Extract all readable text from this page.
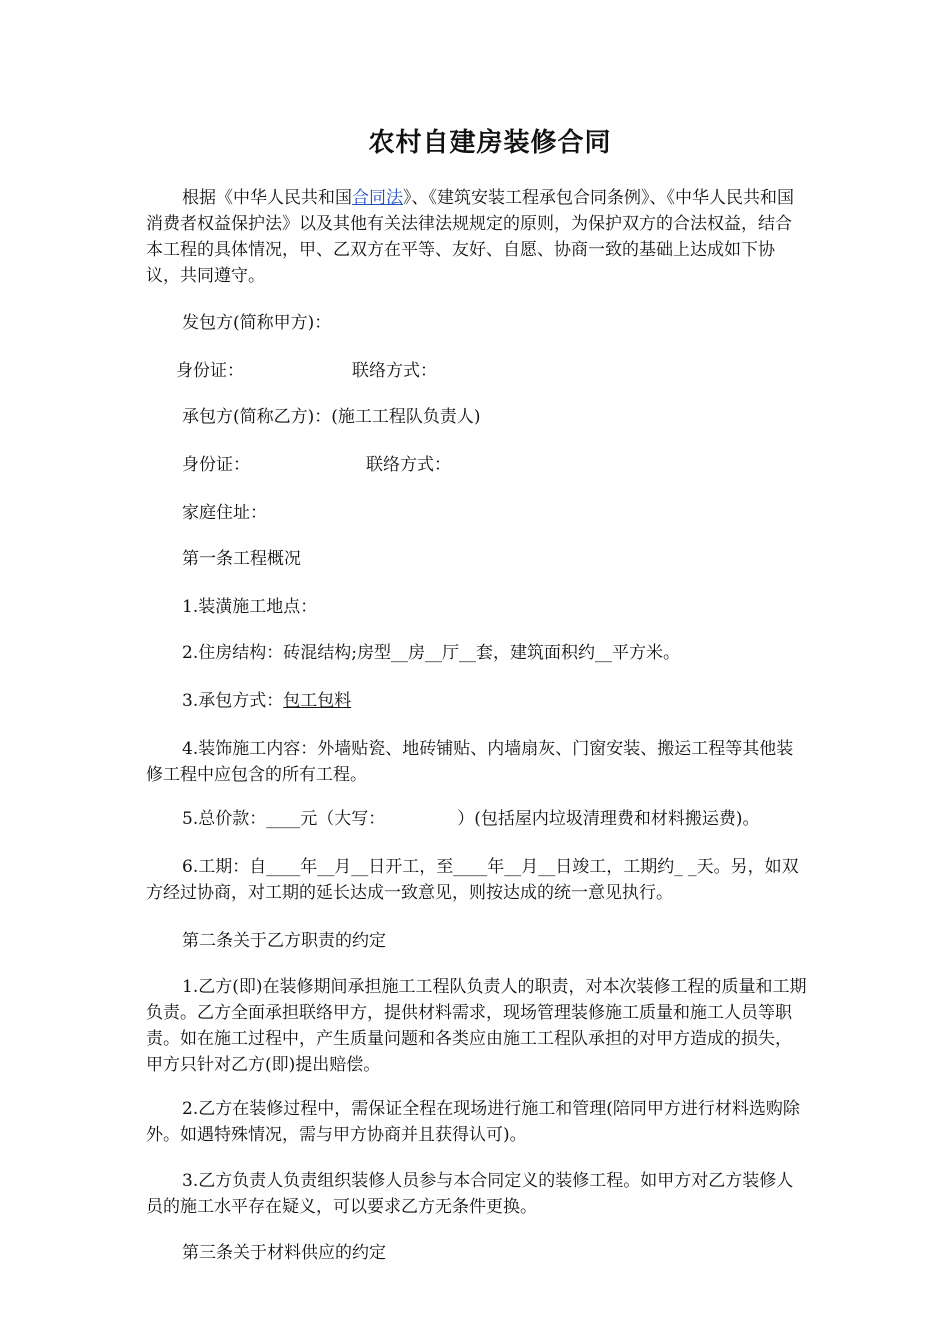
农村自建房装修合同

根据《中华人民共和国合同法》、《建筑安装工程承包合同条例》、《中华人民共和国消费者权益保护法》以及其他有关法律法规规定的原则，为保护双方的合法权益，结合本工程的具体情况，甲、乙双方在平等、友好、自愿、协商一致的基础上达成如下协议，共同遵守。

发包方(简称甲方)：

身份证：	联络方式：

承包方(简称乙方)：(施工工程队负责人)

身份证：	联络方式：

家庭住址：

第一条工程概况

1.装潢施工地点：

2.住房结构：砖混结构;房型__房__厅__套，建筑面积约__平方米。

3.承包方式：包工包料

4.装饰施工内容：外墙贴瓷、地砖铺贴、内墙扇灰、门窗安装、搬运工程等其他装修工程中应包含的所有工程。

5.总价款：____元（大写：	）(包括屋内垃圾清理费和材料搬运费)。

6.工期：自____年__月__日开工，至____年__月__日竣工，工期约_ _天。另，如双方经过协商，对工期的延长达成一致意见，则按达成的统一意见执行。

第二条关于乙方职责的约定

1.乙方(即)在装修期间承担施工工程队负责人的职责，对本次装修工程的质量和工期负责。乙方全面承担联络甲方，提供材料需求，现场管理装修施工质量和施工人员等职责。如在施工过程中，产生质量问题和各类应由施工工程队承担的对甲方造成的损失，甲方只针对乙方(即)提出赔偿。

2.乙方在装修过程中，需保证全程在现场进行施工和管理(陪同甲方进行材料选购除外。如遇特殊情况，需与甲方协商并且获得认可)。

3.乙方负责人负责组织装修人员参与本合同定义的装修工程。如甲方对乙方装修人员的施工水平存在疑义，可以要求乙方无条件更换。

第三条关于材料供应的约定
